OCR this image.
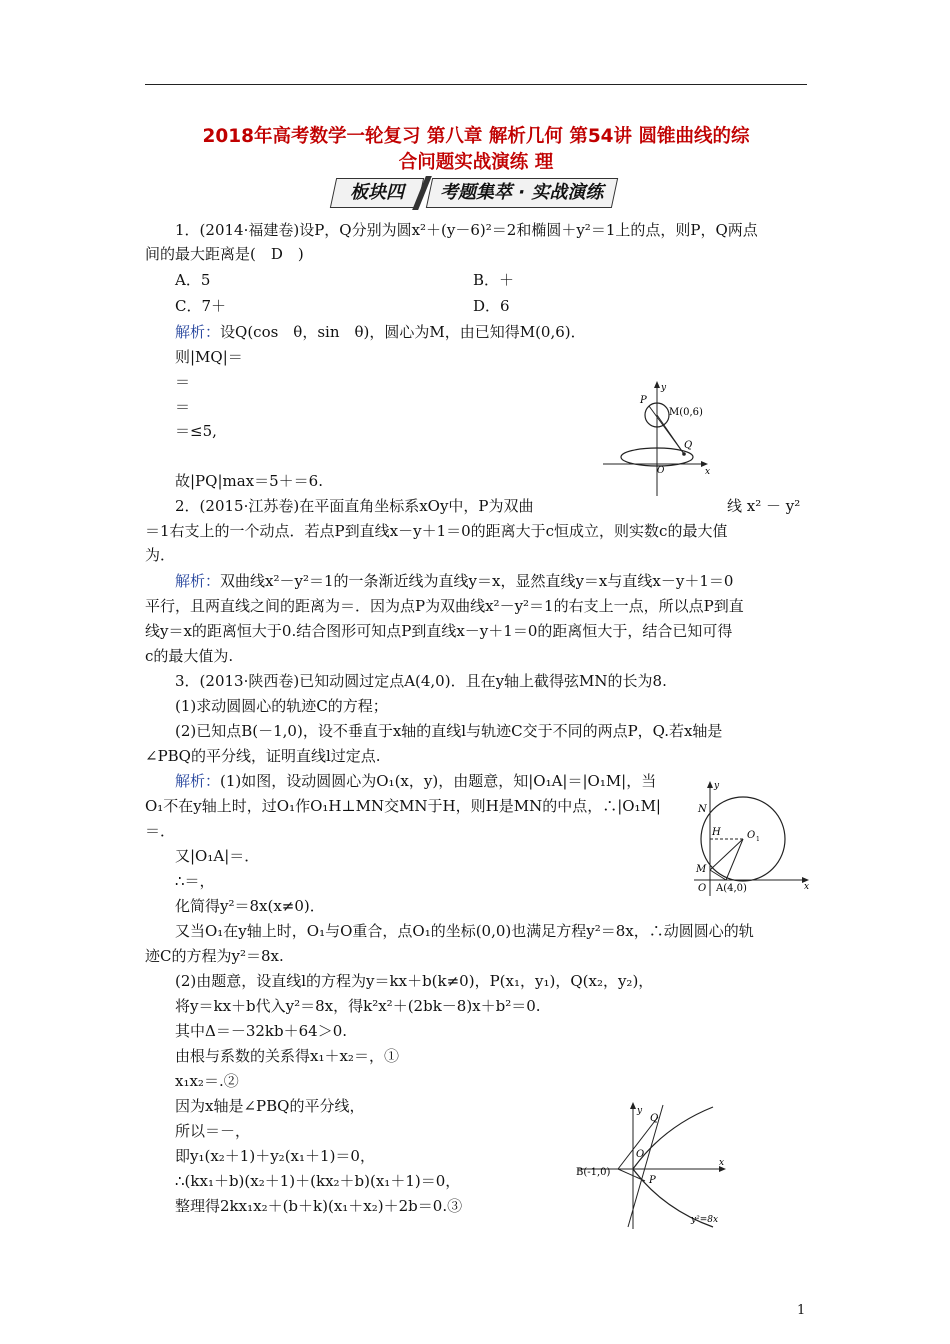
2018年高考数学一轮复习 第八章 解析几何 第54讲 圆锥曲线的综
合问题实战演练 理
板块四	考题集萃 · 实战演练
1．(2014·福建卷)设P，Q分别为圆x²＋(y－6)²＝2和椭圆＋y²＝1上的点，则P，Q两点
间的最大距离是(　D　)
A．5	B．＋
C．7＋	D．6
解析：设Q(cos　θ，sin　θ)，圆心为M，由已知得M(0,6)．
则|MQ|＝
＝
＝
＝≤5,
故|PQ|max＝5＋＝6.
y
P
M(0,6)
Q
O	x
2．(2015·江苏卷)在平面直角坐标系xOy中，P为双曲	线 x² － y²
＝1右支上的一个动点．若点P到直线x－y＋1＝0的距离大于c恒成立，则实数c的最大值
为．
解析：双曲线x²－y²＝1的一条渐近线为直线y＝x，显然直线y＝x与直线x－y＋1＝0
平行，且两直线之间的距离为＝．因为点P为双曲线x²－y²＝1的右支上一点，所以点P到直
线y＝x的距离恒大于0.结合图形可知点P到直线x－y＋1＝0的距离恒大于，结合已知可得
c的最大值为.
3．(2013·陕西卷)已知动圆过定点A(4,0)．且在y轴上截得弦MN的长为8.
(1)求动圆圆心的轨迹C的方程；
(2)已知点B(－1,0)，设不垂直于x轴的直线l与轨迹C交于不同的两点P，Q.若x轴是
∠PBQ的平分线，证明直线l过定点.
解析：(1)如图，设动圆圆心为O₁(x，y)，由题意，知|O₁A|＝|O₁M|，当
O₁不在y轴上时，过O₁作O₁H⊥MN交MN于H，则H是MN的中点，∴|O₁M|
＝．
又|O₁A|＝．
∴＝，
化简得y²＝8x(x≠0)．
又当O₁在y轴上时，O₁与O重合，点O₁的坐标(0,0)也满足方程y²＝8x，∴动圆圆心的轨
迹C的方程为y²＝8x.
(2)由题意，设直线l的方程为y＝kx＋b(k≠0)，P(x₁，y₁)，Q(x₂，y₂)，
将y＝kx＋b代入y²＝8x，得k²x²＋(2bk－8)x＋b²＝0.
其中Δ＝－32kb＋64＞0.
由根与系数的关系得x₁＋x₂＝，①
x₁x₂＝.②
因为x轴是∠PBQ的平分线，
所以＝－，
即y₁(x₂＋1)＋y₂(x₁＋1)＝0，
∴(kx₁＋b)(x₂＋1)＋(kx₂＋b)(x₁＋1)＝0，
整理得2kx₁x₂＋(b＋k)(x₁＋x₂)＋2b＝0.③
y
N
H	O 1
M
O A(4,0)	x
y
Q
O
B(-1,0)
P
x
y²=8x
1
